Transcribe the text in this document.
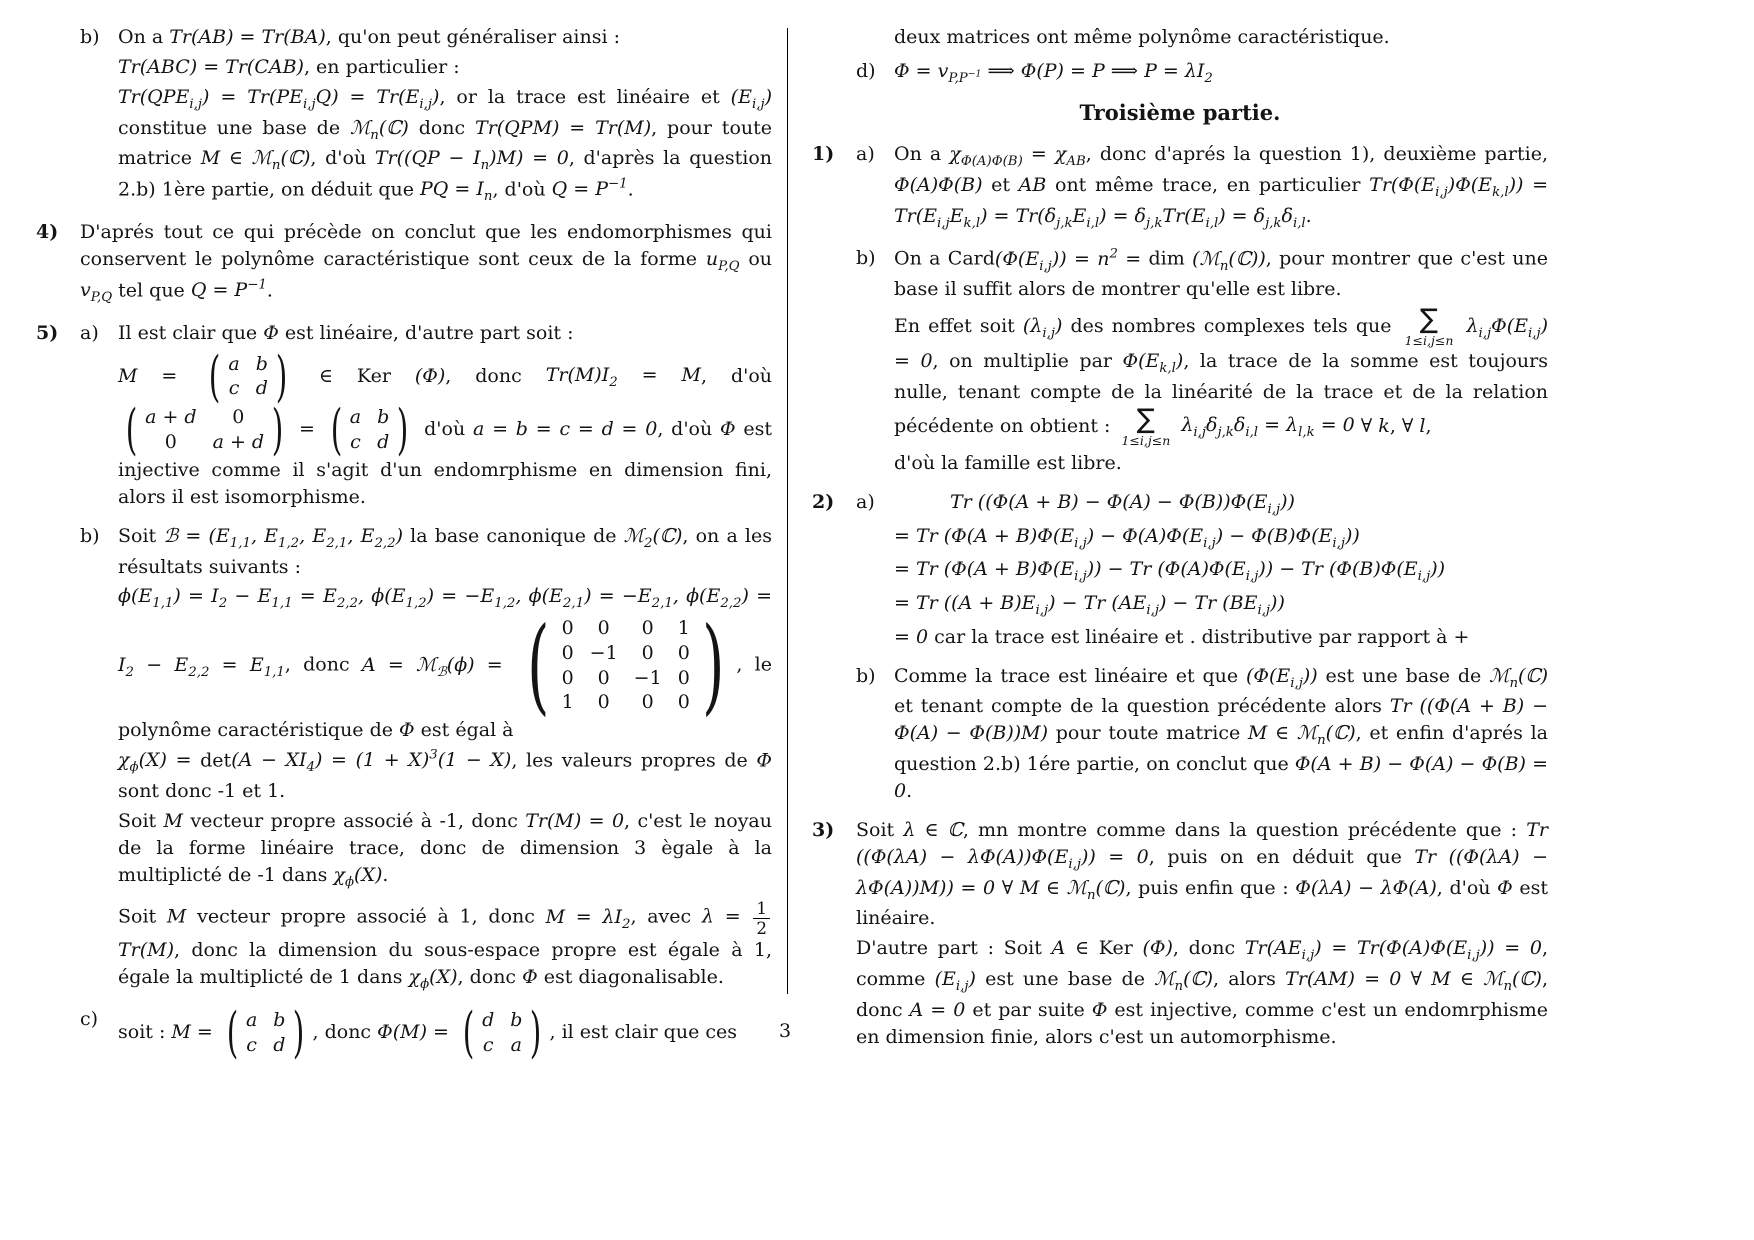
b) On a Tr(AB) = Tr(BA), qu'on peut généraliser ainsi :

Tr(ABC) = Tr(CAB), en particulier :

$Tr(QPE_{i,j}) = Tr(PE_{i,j}Q) = Tr(E_{i,j})$, or la trace est linéaire et $(E_{i,j})$ constitue une base de ℳ$_n$(ℂ) donc Tr(QPM) = Tr(M), pour toute matrice M ∈ ℳ$_n$(ℂ), d'où $Tr((QP - I_n)M) = 0$, d'après la question 2.b) 1ère partie, on déduit que PQ = $I_n$, d'où $Q = P^{-1}$.

4)	D'aprés tout ce qui précède on conclut que les endomorphismes qui conservent le polynôme caractéristique sont ceux de la forme $u_{P,Q}$ ou $v_{P,Q}$ tel que $Q = P^{-1}$.

5)	a)	Il est clair que Φ est linéaire, d'autre part soit :

M = ( a b
c d ) ∈ Ker (Φ), donc $Tr(M)I_2 = M$, d'où
( a + d	0
0	a + d ) = ( a b
c d ) d'où a = b = c = d = 0, d'où Φ est injective comme il s'agit d'un endomrphisme en dimension fini, alors il est isomorphisme.

b) Soit ℬ = ($E_{1,1}$, $E_{1,2}$, $E_{2,1}$, $E_{2,2}$) la base canonique de ℳ$_2$(ℂ), on a les résultats suivants :

$\phi(E_{1,1}) = I_2 - E_{1,1} = E_{2,2}$, $\phi(E_{1,2}) = -E_{1,2}$, $\phi(E_{2,1}) = -E_{2,1}$, $\phi(E_{2,2}) = I_2 - E_{2,2} = E_{1,1}$, donc A = ℳ$_ℬ$(ϕ) = ( 0	0	0	1
0 −1	0	0
0	0	−1 0
1	0	0	0 ) , le polynôme caractéristique de Φ est égal à

$\chi_\phi(X) = \det(A - XI_4) = (1 + X)^3(1 - X)$, les valeurs propres de Φ sont donc -1 et 1.

Soit M vecteur propre associé à -1, donc Tr(M) = 0, c'est le noyau de la forme linéaire trace, donc de dimension 3 ègale à la multiplicté de -1 dans $\chi_\phi(X)$.

Soit M vecteur propre associé à 1, donc $M = \lambda I_2$, avec $\lambda = \frac{1}{2}$
Tr(M), donc la dimension du sous-espace propre est égale à 1, égale la multiplicté de 1 dans $\chi_\phi(X)$, donc Φ est diagonalisable.

c)

soit : M = ( a b
c d ) , donc Φ(M) = ( d b
c a ) , il est clair que ces

deux matrices ont même polynôme caractéristique.

d) $\Phi = v_{P,P^{-1}}$ ⟹ Φ(P) = P ⟹ $P = \lambda I_2$

Troisième partie.
1)	a)	On a $\chi_{\Phi(A)\Phi(B)} = \chi_{AB}$, donc d'aprés la question 1), deuxième partie, Φ(A)Φ(B) et AB ont même trace, en particulier $Tr(\Phi(E_{i,j})\Phi(E_{k,l})) = Tr(E_{i,j}E_{k,l}) = Tr(\delta_{j,k}E_{i,l}) = \delta_{j,k}Tr(E_{i,l}) = \delta_{j,k}\delta_{i,l}$.

b) On a $Card(\Phi(E_{i,j})) = n^2$ = dim (ℳ$_n$(ℂ)), pour montrer que c'est une base il suffit alors de montrer qu'elle est libre.

En effet soit $(\lambda_{i,j})$ des nombres complexes tels que ∑
1≤i,j≤n
$\lambda_{i,j}\Phi(E_{i,j}) = 0$, on multiplie par $\Phi(E_{k,l})$, la trace de la somme est toujours nulle, tenant compte de la linéarité de la trace et de la relation pécédente on obtient : ∑
1≤i,j≤n
$\lambda_{i,j}\delta_{j,k}\delta_{i,l} = \lambda_{l,k} = 0$ ∀ k, ∀ l,

d'où la famille est libre.

2)	a)	Tr $((\Phi(A + B) - \Phi(A) - \Phi(B))\Phi(E_{i,j}))$
= Tr $(\Phi(A + B)\Phi(E_{i,j}) - \Phi(A)\Phi(E_{i,j}) - \Phi(B)\Phi(E_{i,j}))$
= Tr $(\Phi(A + B)\Phi(E_{i,j})) - Tr$ $(\Phi(A)\Phi(E_{i,j})) - Tr$ $(\Phi(B)\Phi(E_{i,j}))$
= Tr $((A + B)E_{i,j}) - Tr$ $(AE_{i,j}) - Tr$ $(BE_{i,j})$)
= 0 car la trace est linéaire et . distributive par rapport à +
b) Comme la trace est linéaire et que $(\Phi(E_{i,j}))$ est une base de ℳ$_n$(ℂ) et tenant compte de la question précédente alors Tr ((Φ(A + B) − Φ(A) − Φ(B))M) pour toute matrice M ∈ ℳ$_n$(ℂ), et enfin d'aprés la question 2.b) 1ére partie, on conclut que Φ(A + B) − Φ(A) − Φ(B) = 0.

3)	Soit λ ∈ ℂ, mn montre comme dans la question précédente que : Tr $((\Phi(\lambda A) - \lambda\Phi(A))\Phi(E_{i,j})) = 0$, puis on en déduit que Tr ((Φ(λA) − λΦ(A))M)) = 0 ∀ M ∈ ℳ$_n$(ℂ), puis enfin que : Φ(λA) − λΦ(A), d'où Φ est linéaire.

D'autre part : Soit A ∈ Ker (Φ), donc $Tr(AE_{i,j}) = Tr(\Phi(A)\Phi(E_{i,j})) = 0$, comme $(E_{i,j})$ est une base de ℳ$_n$(ℂ), alors Tr(AM) = 0 ∀ M ∈ ℳ$_n$(ℂ), donc A = 0 et par suite Φ est injective, comme c'est un endomrphisme en dimension finie, alors c'est un automorphisme.

3
